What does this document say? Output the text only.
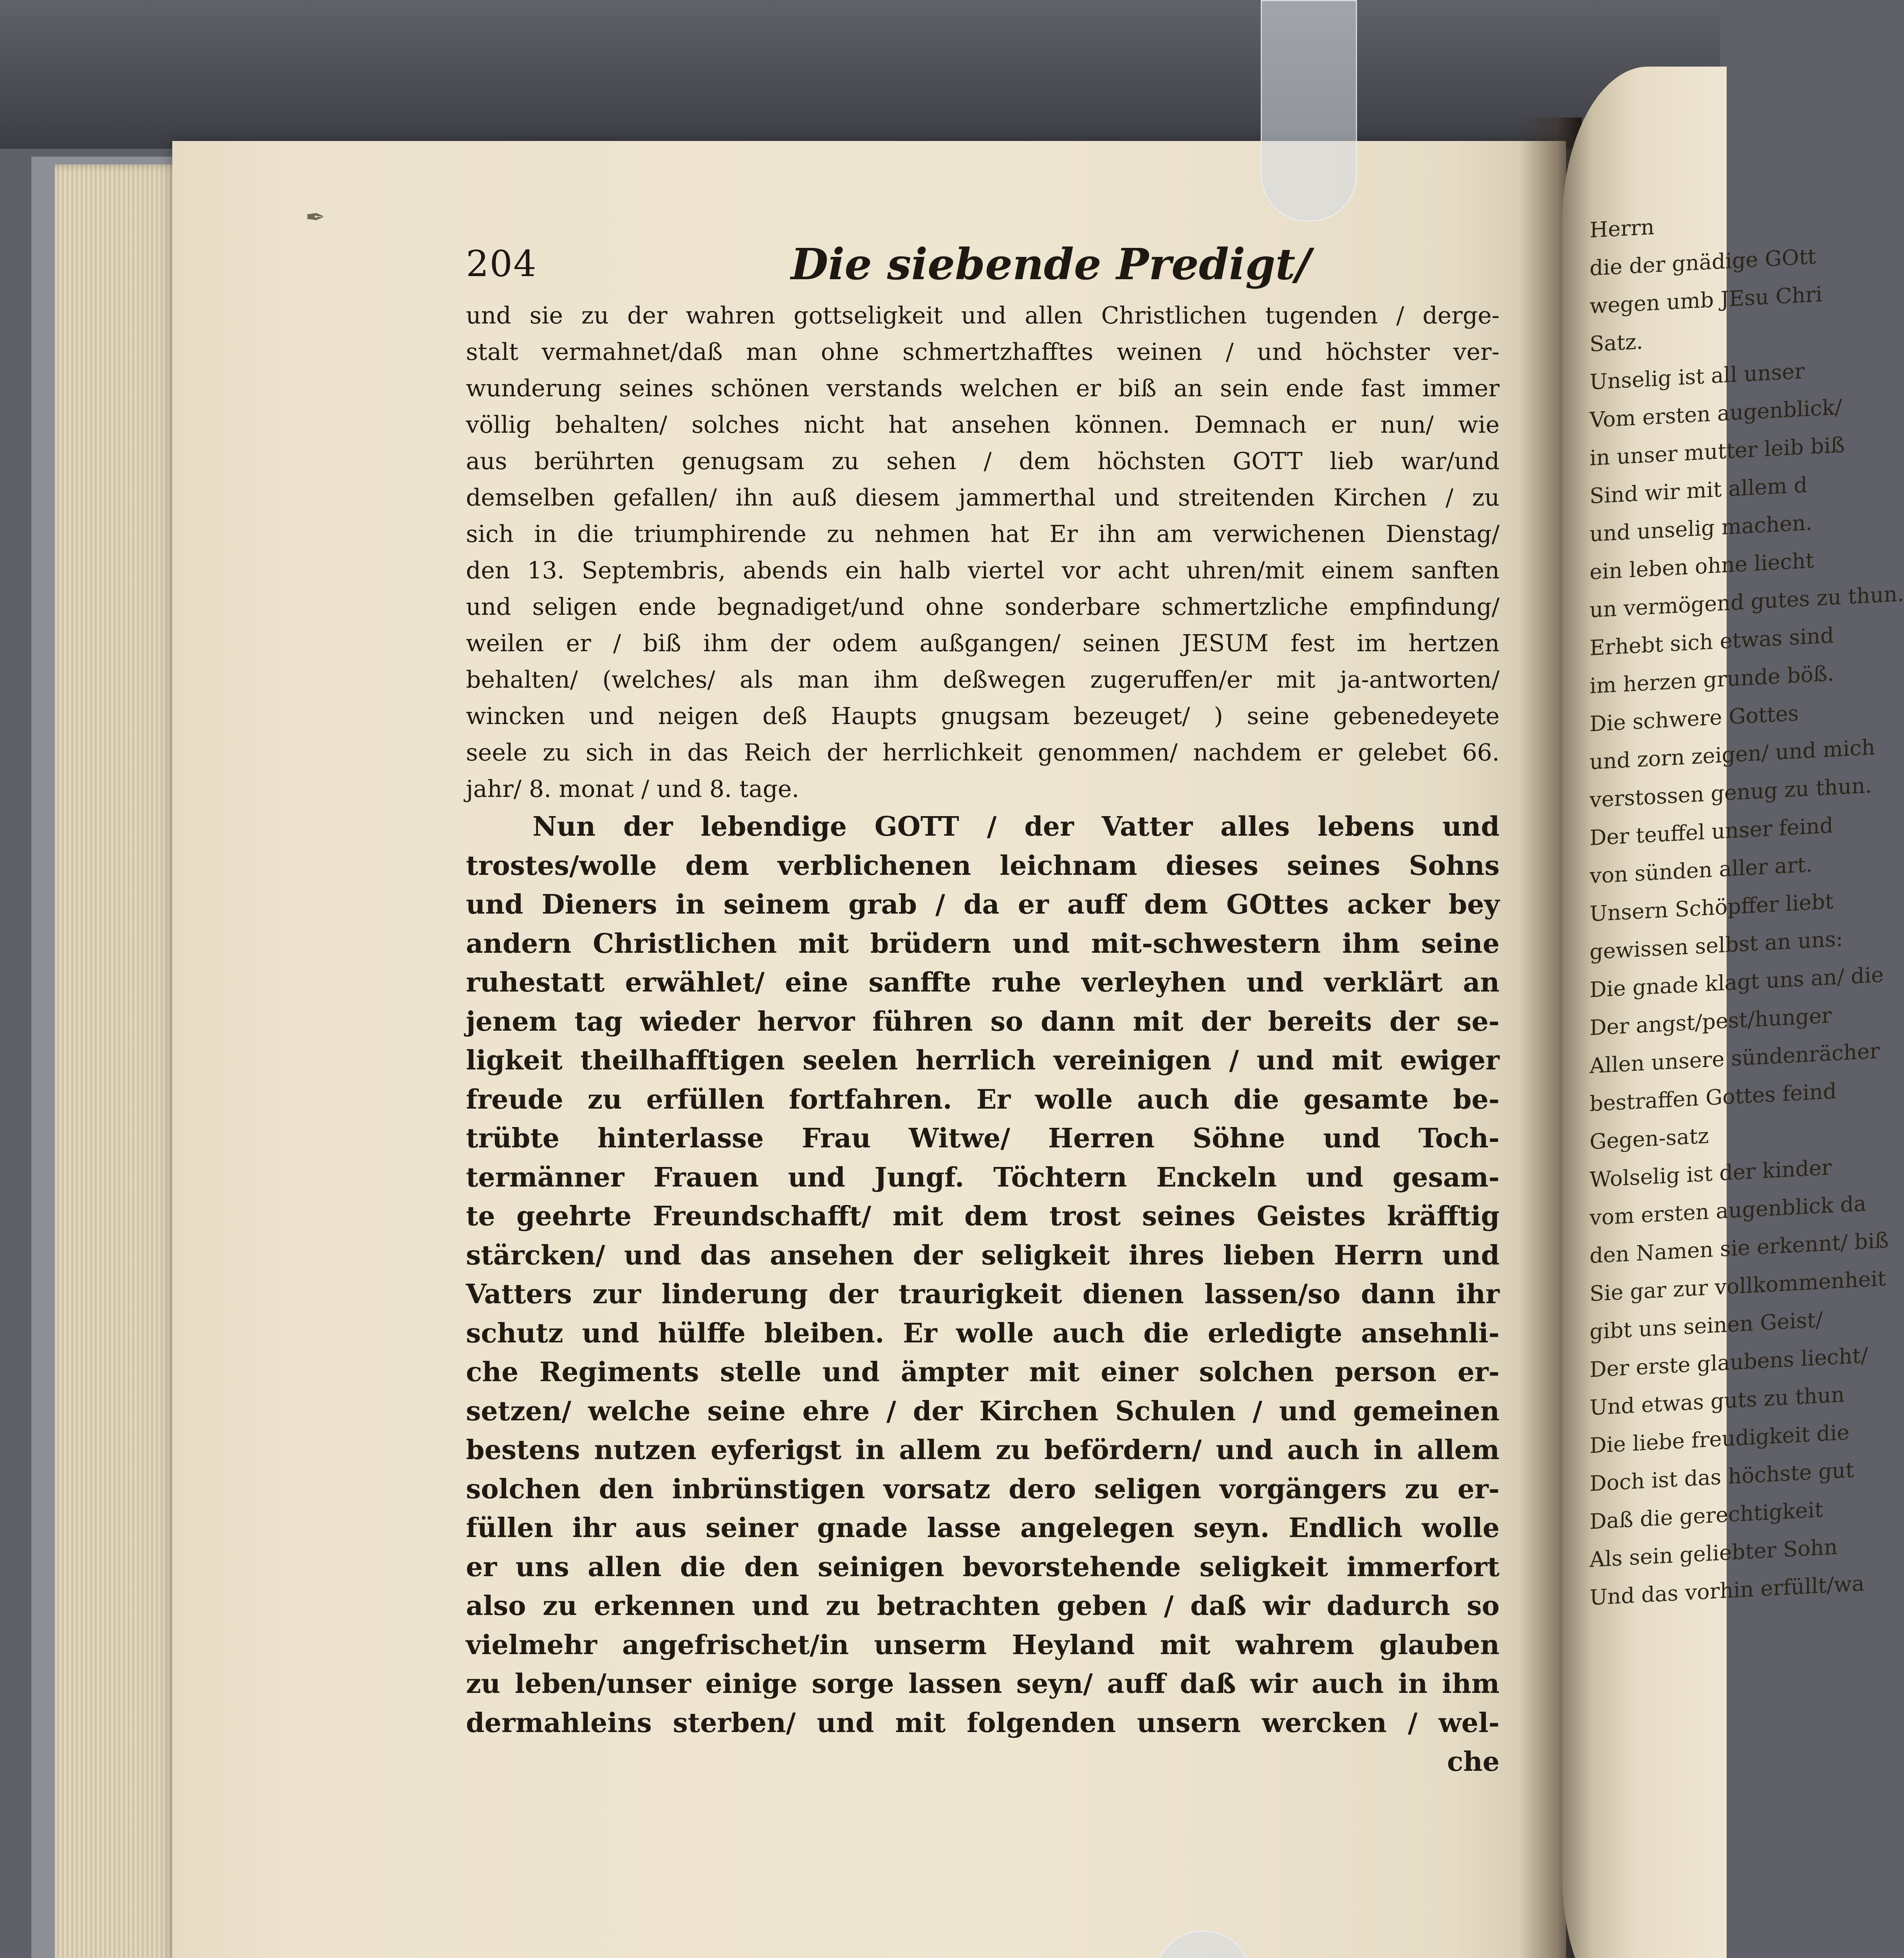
✒︎
204	Die siebende Predigt/
und sie zu der wahren gottseligkeit und allen Christlichen tugenden / derge-
stalt vermahnet/daß man ohne schmertzhafftes weinen / und höchster ver-
wunderung seines schönen verstands welchen er biß an sein ende fast immer
völlig behalten/ solches nicht hat ansehen können. Demnach er nun/ wie
aus berührten genugsam zu sehen / dem höchsten GOTT lieb war/und
demselben gefallen/ ihn auß diesem jammerthal und streitenden Kirchen / zu
sich in die triumphirende zu nehmen hat Er ihn am verwichenen Dienstag/
den 13. Septembris, abends ein halb viertel vor acht uhren/mit einem sanften
und seligen ende begnadiget/und ohne sonderbare schmertzliche empfindung/
weilen er / biß ihm der odem außgangen/ seinen JESUM fest im hertzen
behalten/ (welches/ als man ihm deßwegen zugeruffen/er mit ja-antworten/
wincken und neigen deß Haupts gnugsam bezeuget/ ) seine gebenedeyete
seele zu sich in das Reich der herrlichkeit genommen/ nachdem er gelebet 66.
jahr/ 8. monat / und 8. tage.
Nun der lebendige GOTT / der Vatter alles lebens und
trostes/wolle dem verblichenen leichnam dieses seines Sohns
und Dieners in seinem grab / da er auff dem GOttes acker bey
andern Christlichen mit brüdern und mit-schwestern ihm seine
ruhestatt erwählet/ eine sanffte ruhe verleyhen und verklärt an
jenem tag wieder hervor führen so dann mit der bereits der se-
ligkeit theilhafftigen seelen herrlich vereinigen / und mit ewiger
freude zu erfüllen fortfahren. Er wolle auch die gesamte be-
trübte hinterlasse Frau Witwe/ Herren Söhne und Toch-
termänner Frauen und Jungf. Töchtern Enckeln und gesam-
te geehrte Freundschafft/ mit dem trost seines Geistes kräfftig
stärcken/ und das ansehen der seligkeit ihres lieben Herrn und
Vatters zur linderung der traurigkeit dienen lassen/so dann ihr
schutz und hülffe bleiben. Er wolle auch die erledigte ansehnli-
che Regiments stelle und ämpter mit einer solchen person er-
setzen/ welche seine ehre / der Kirchen Schulen / und gemeinen
bestens nutzen eyferigst in allem zu befördern/ und auch in allem
solchen den inbrünstigen vorsatz dero seligen vorgängers zu er-
füllen ihr aus seiner gnade lasse angelegen seyn. Endlich wolle
er uns allen die den seinigen bevorstehende seligkeit immerfort
also zu erkennen und zu betrachten geben / daß wir dadurch so
vielmehr angefrischet/in unserm Heyland mit wahrem glauben
zu leben/unser einige sorge lassen seyn/ auff daß wir auch in ihm
dermahleins sterben/ und mit folgenden unsern wercken / wel-
che
Herrn
die der gnädige GOtt
wegen umb JEsu Chri
Satz.
Unselig ist all unser
Vom ersten augenblick/
in unser mutter leib biß
Sind wir mit allem d
und unselig machen.
ein leben ohne liecht
un vermögend gutes zu thun.
Erhebt sich etwas sind
im herzen grunde böß.
Die schwere Gottes
und zorn zeigen/ und mich
verstossen genug zu thun.
Der teuffel unser feind
von sünden aller art.
Unsern Schöpffer liebt
gewissen selbst an uns:
Die gnade klagt uns an/ die
Der angst/pest/hunger
Allen unsere sündenrächer
bestraffen Gottes feind
Gegen-satz
Wolselig ist der kinder
vom ersten augenblick da
den Namen sie erkennt/ biß
Sie gar zur vollkommenheit
gibt uns seinen Geist/
Der erste glaubens liecht/
Und etwas guts zu thun
Die liebe freudigkeit die
Doch ist das höchste gut
Daß die gerechtigkeit
Als sein geliebter Sohn
Und das vorhin erfüllt/wa
